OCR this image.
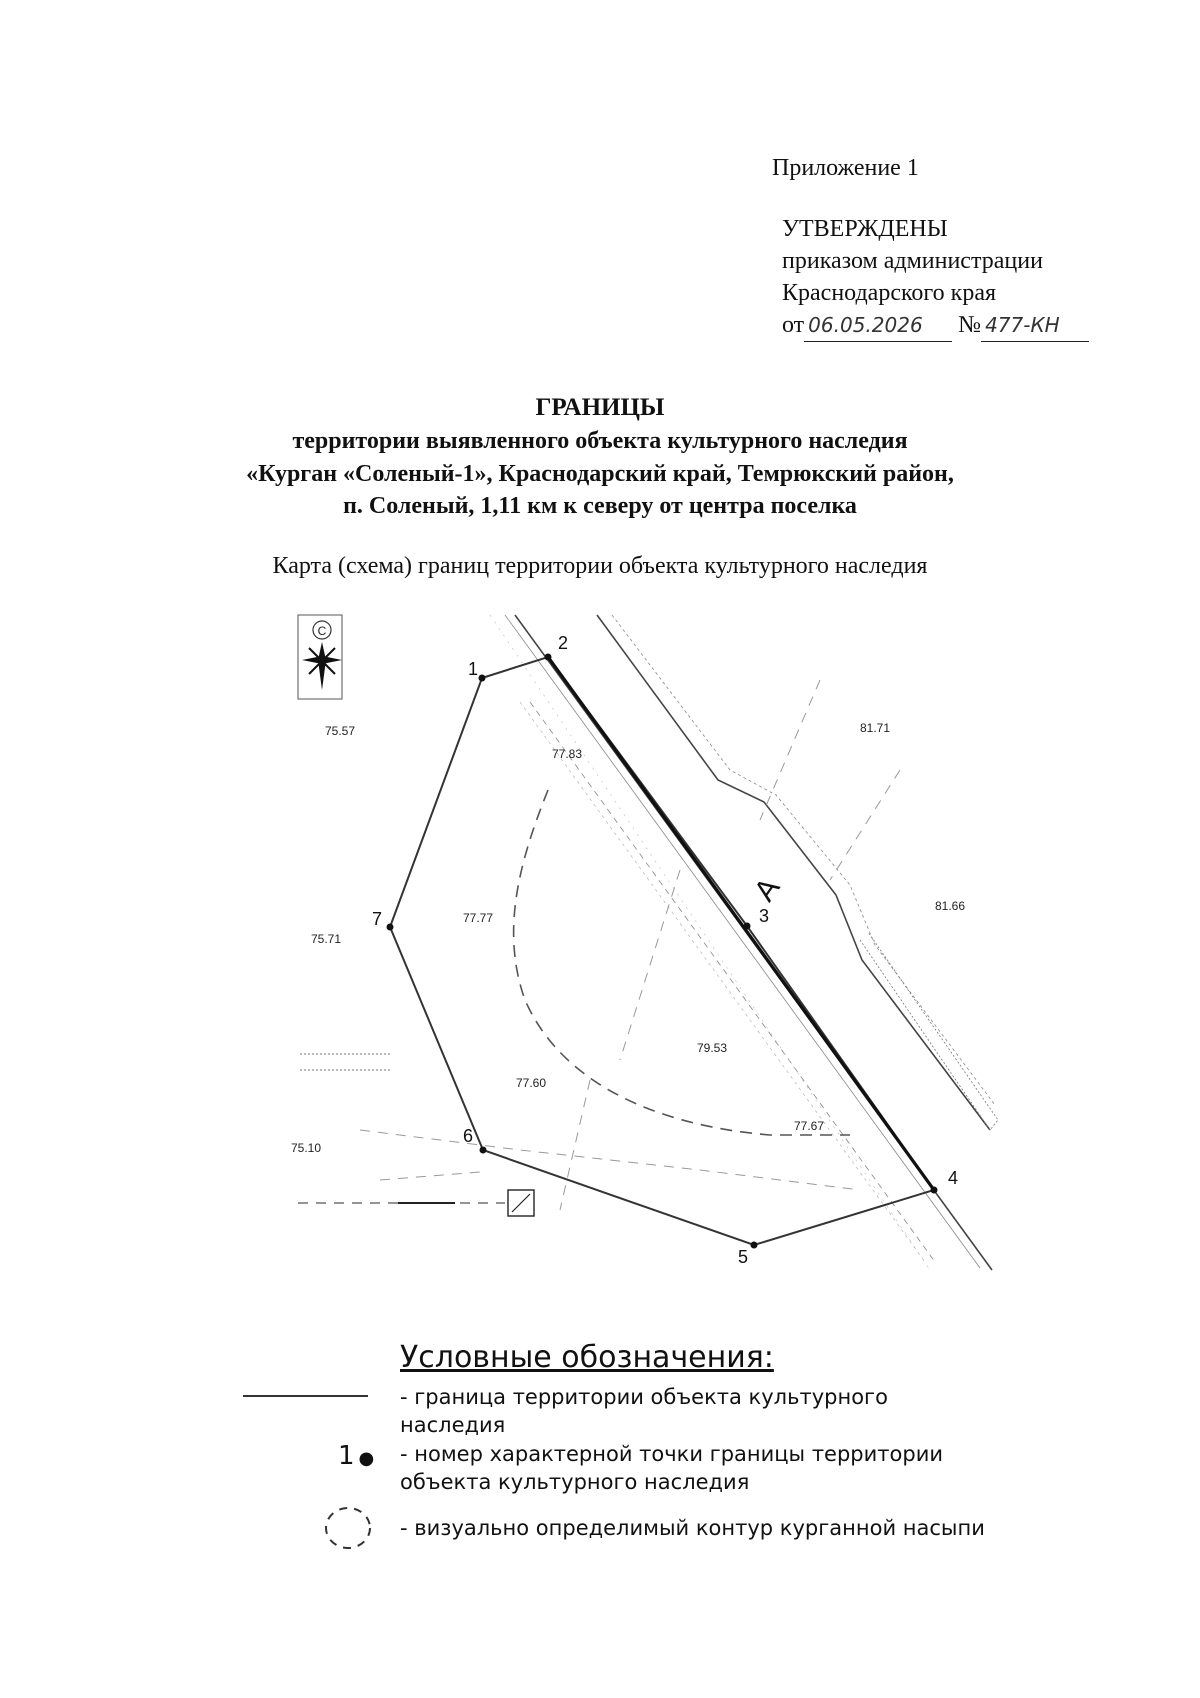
Приложение 1
УТВЕРЖДЕНЫ
приказом администрации
Краснодарского края
от 06.05.2026 № 477-КН
ГРАНИЦЫ
территории выявленного объекта культурного наследия
«Курган «Соленый-1», Краснодарский край, Темрюкский район,
п. Соленый, 1,11 км к северу от центра поселка
Карта (схема) границ территории объекта культурного наследия
С
1
2
3
4
5
6
7
75.57
77.83
81.71
81.66
77.77
75.71
79.53
77.60
77.67
75.10
А
Условные обозначения:
- граница территории объекта культурного наследия
1 ● - номер характерной точки границы территории объекта культурного наследия
- визуально определимый контур курганной насыпи
